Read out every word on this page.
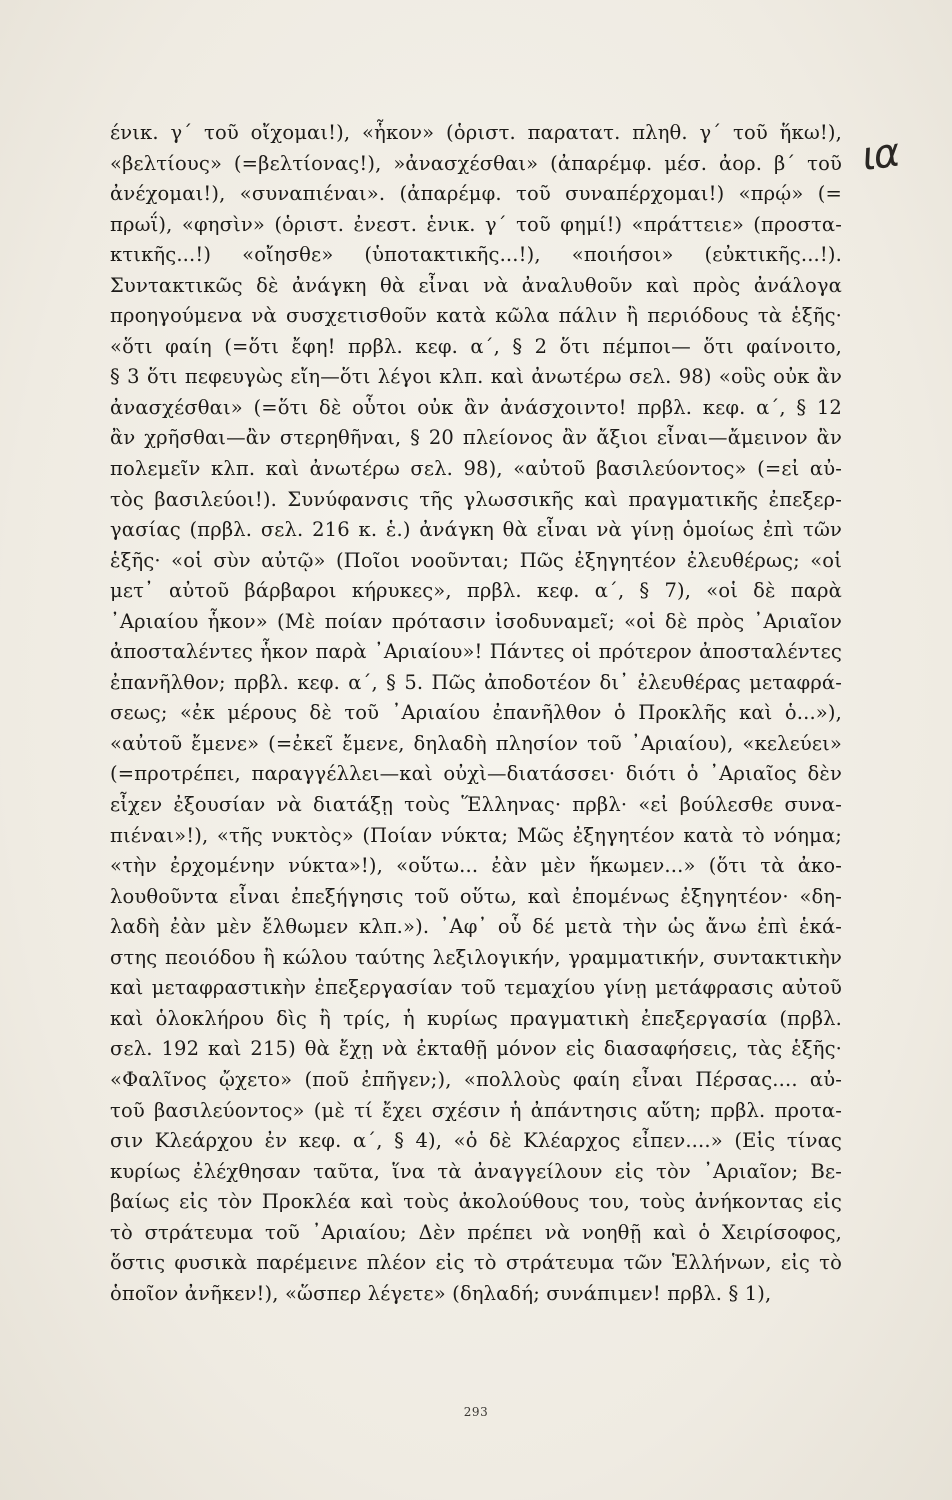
ια
ένικ. γ΄ τοῦ οἴχομαι!), «ἧκον» (ὁριστ. παρατατ. πληθ. γ΄ τοῦ ἥκω!),
«βελτίους» (=βελτίονας!), »ἀνασχέσθαι» (ἀπαρέμφ. μέσ. ἀορ. β΄ τοῦ
ἀνέχομαι!), «συναπιέναι». (ἀπαρέμφ. τοῦ συναπέρχομαι!) «πρῴ» (=
πρωΐ), «φησὶν» (ὁριστ. ἐνεστ. ἑνικ. γ΄ τοῦ φημί!) «πράττειε» (προστα-
κτικῆς...!) «οἴησθε» (ὑποτακτικῆς...!), «ποιήσοι» (εὐκτικῆς...!).
Συντακτικῶς δὲ ἀνάγκη θὰ εἶναι νὰ ἀναλυθοῦν καὶ πρὸς ἀνάλογα
προηγούμενα νὰ συσχετισθοῦν κατὰ κῶλα πάλιν ἢ περιόδους τὰ ἑξῆς·
«ὅτι φαίη (=ὅτι ἔφη! πρβλ. κεφ. α΄, § 2 ὅτι πέμποι— ὅτι φαίνοιτο,
§ 3 ὅτι πεφευγὼς εἴη—ὅτι λέγοι κλπ. καὶ ἀνωτέρω σελ. 98) «οὓς οὐκ ἂν
ἀνασχέσθαι» (=ὅτι δὲ οὗτοι οὐκ ἂν ἀνάσχοιντο! πρβλ. κεφ. α΄, § 12
ἂν χρῆσθαι—ἂν στερηθῆναι, § 20 πλείονος ἂν ἄξιοι εἶναι—ἄμεινον ἂν
πολεμεῖν κλπ. καὶ ἀνωτέρω σελ. 98), «αὐτοῦ βασιλεύοντος» (=εἰ αὐ-
τὸς βασιλεύοι!). Συνύφανσις τῆς γλωσσικῆς καὶ πραγματικῆς ἐπεξερ-
γασίας (πρβλ. σελ. 216 κ. ἑ.) ἀνάγκη θὰ εἶναι νὰ γίνῃ ὁμοίως ἐπὶ τῶν
ἑξῆς· «οἱ σὺν αὐτῷ» (Ποῖοι νοοῦνται; Πῶς ἐξηγητέον ἐλευθέρως; «οἱ
μετ᾽ αὐτοῦ βάρβαροι κήρυκες», πρβλ. κεφ. α΄, § 7), «οἱ δὲ παρὰ
᾽Αριαίου ἧκον» (Μὲ ποίαν πρότασιν ἰσοδυναμεῖ; «οἱ δὲ πρὸς ᾽Αριαῖον
ἀποσταλέντες ἧκον παρὰ ᾽Αριαίου»! Πάντες οἱ πρότερον ἀποσταλέντες
ἐπανῆλθον; πρβλ. κεφ. α΄, § 5. Πῶς ἀποδοτέον δι᾽ ἐλευθέρας μεταφρά-
σεως; «ἐκ μέρους δὲ τοῦ ᾽Αριαίου ἐπανῆλθον ὁ Προκλῆς καὶ ὁ...»),
«αὐτοῦ ἔμενε» (=ἐκεῖ ἔμενε, δηλαδὴ πλησίον τοῦ ᾽Αριαίου), «κελεύει»
(=προτρέπει, παραγγέλλει—καὶ οὐχὶ—διατάσσει· διότι ὁ ᾽Αριαῖος δὲν
εἶχεν ἐξουσίαν νὰ διατάξῃ τοὺς Ἕλληνας· πρβλ· «εἰ βούλεσθε συνα-
πιέναι»!), «τῆς νυκτὸς» (Ποίαν νύκτα; Μῶς ἐξηγητέον κατὰ τὸ νόημα;
«τὴν ἐρχομένην νύκτα»!), «οὕτω... ἐὰν μὲν ἥκωμεν...» (ὅτι τὰ ἀκο-
λουθοῦντα εἶναι ἐπεξήγησις τοῦ οὕτω, καὶ ἐπομένως ἐξηγητέον· «δη-
λαδὴ ἐὰν μὲν ἔλθωμεν κλπ.»). ᾽Αφ᾽ οὗ δέ μετὰ τὴν ὡς ἄνω ἐπὶ ἑκά-
στης πεοιόδου ἢ κώλου ταύτης λεξιλογικήν, γραμματικήν, συντακτικὴν
καὶ μεταφραστικὴν ἐπεξεργασίαν τοῦ τεμαχίου γίνῃ μετάφρασις αὐτοῦ
καὶ ὁλοκλήρου δὶς ἢ τρίς, ἡ κυρίως πραγματικὴ ἐπεξεργασία (πρβλ.
σελ. 192 καὶ 215) θὰ ἔχῃ νὰ ἐκταθῇ μόνον εἰς διασαφήσεις, τὰς ἑξῆς·
«Φαλῖνος ᾤχετο» (ποῦ ἐπῆγεν;), «πολλοὺς φαίη εἶναι Πέρσας.... αὐ-
τοῦ βασιλεύοντος» (μὲ τί ἔχει σχέσιν ἡ ἀπάντησις αὕτη; πρβλ. προτα-
σιν Κλεάρχου ἐν κεφ. α΄, § 4), «ὁ δὲ Κλέαρχος εἶπεν....» (Εἰς τίνας
κυρίως ἐλέχθησαν ταῦτα, ἵνα τὰ ἀναγγείλουν εἰς τὸν ᾽Αριαῖον; Βε-
βαίως εἰς τὸν Προκλέα καὶ τοὺς ἀκολούθους του, τοὺς ἀνήκοντας εἰς
τὸ στράτευμα τοῦ ᾽Αριαίου; Δὲν πρέπει νὰ νοηθῇ καὶ ὁ Χειρίσοφος,
ὅστις φυσικὰ παρέμεινε πλέον εἰς τὸ στράτευμα τῶν Ἑλλήνων, εἰς τὸ
ὁποῖον ἀνῆκεν!), «ὥσπερ λέγετε» (δηλαδή; συνάπιμεν! πρβλ. § 1),
293
